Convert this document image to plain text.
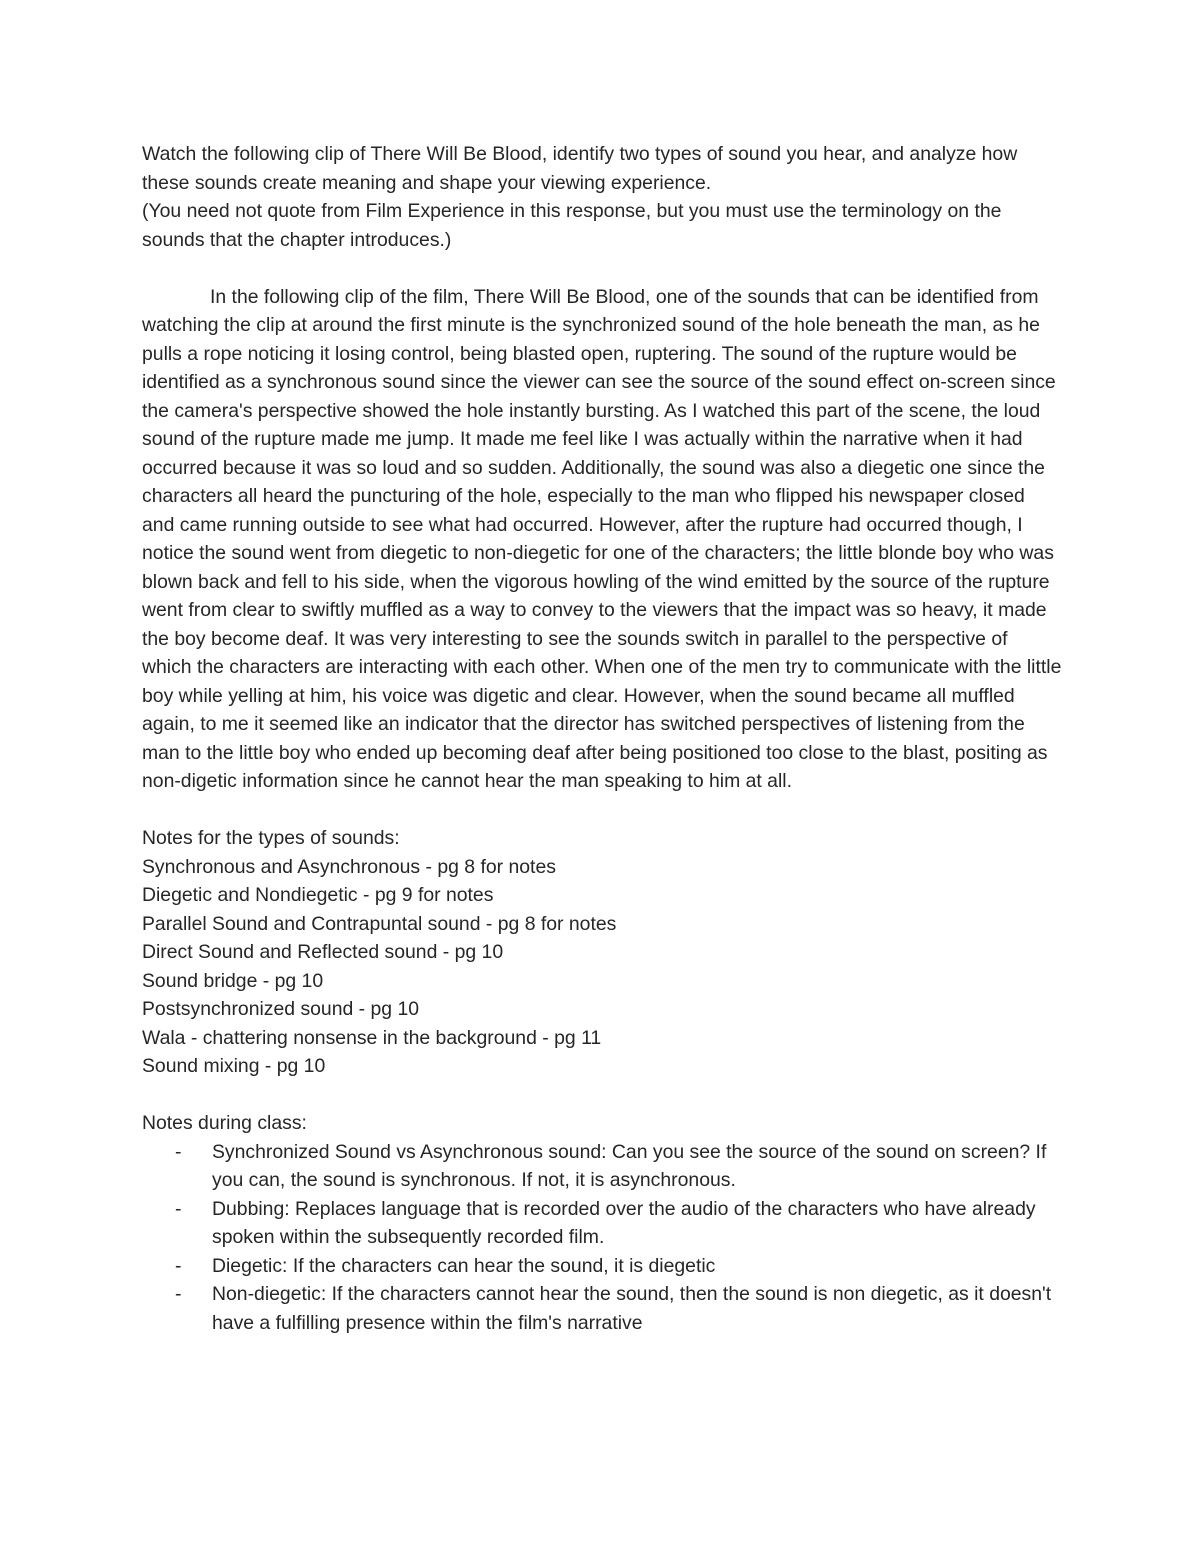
Watch the following clip of There Will Be Blood, identify two types of sound you hear, and analyze how these sounds create meaning and shape your viewing experience.

(You need not quote from Film Experience in this response, but you must use the terminology on the sounds that the chapter introduces.)

In the following clip of the film, There Will Be Blood, one of the sounds that can be identified from watching the clip at around the first minute is the synchronized sound of the hole beneath the man, as he pulls a rope noticing it losing control, being blasted open, ruptering. The sound of the rupture would be identified as a synchronous sound since the viewer can see the source of the sound effect on-screen since the camera's perspective showed the hole instantly bursting. As I watched this part of the scene, the loud sound of the rupture made me jump. It made me feel like I was actually within the narrative when it had occurred because it was so loud and so sudden. Additionally, the sound was also a diegetic one since the characters all heard the puncturing of the hole, especially to the man who flipped his newspaper closed and came running outside to see what had occurred. However, after the rupture had occurred though, I notice the sound went from diegetic to non-diegetic for one of the characters; the little blonde boy who was blown back and fell to his side, when the vigorous howling of the wind emitted by the source of the rupture went from clear to swiftly muffled as a way to convey to the viewers that the impact was so heavy, it made the boy become deaf. It was very interesting to see the sounds switch in parallel to the perspective of which the characters are interacting with each other. When one of the men try to communicate with the little boy while yelling at him, his voice was digetic and clear. However, when the sound became all muffled again, to me it seemed like an indicator that the director has switched perspectives of listening from the man to the little boy who ended up becoming deaf after being positioned too close to the blast, positing as non-digetic information since he cannot hear the man speaking to him at all.

Notes for the types of sounds:

Synchronous and Asynchronous - pg 8 for notes
Diegetic and Nondiegetic - pg 9 for notes
Parallel Sound and Contrapuntal sound - pg 8 for notes
Direct Sound and Reflected sound - pg 10
Sound bridge - pg 10
Postsynchronized sound - pg 10
Wala - chattering nonsense in the background - pg 11
Sound mixing - pg 10

Notes during class:

- Synchronized Sound vs Asynchronous sound: Can you see the source of the sound on screen? If you can, the sound is synchronous. If not, it is asynchronous.
- Dubbing: Replaces language that is recorded over the audio of the characters who have already spoken within the subsequently recorded film.
- Diegetic: If the characters can hear the sound, it is diegetic
- Non-diegetic: If the characters cannot hear the sound, then the sound is non diegetic, as it doesn't have a fulfilling presence within the film's narrative
